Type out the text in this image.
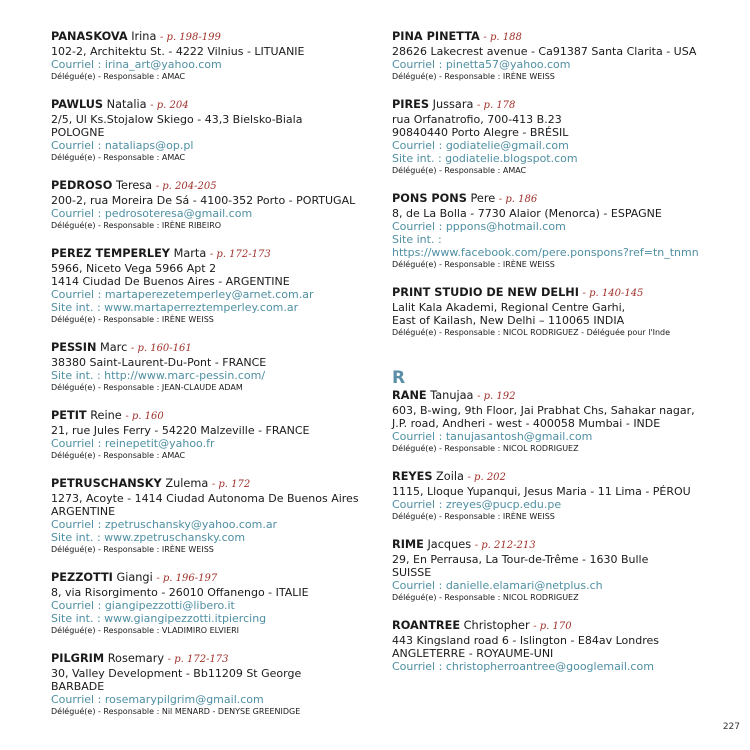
PANASKOVA Irina - p. 198-199
102-2, Architektu St. - 4222 Vilnius - LITUANIE
Courriel : irina_art@yahoo.com
Délégué(e) - Responsable : AMAC
PAWLUS Natalia - p. 204
2/5, Ul Ks.Stojalow Skiego - 43,3 Bielsko-Biala
POLOGNE
Courriel : nataliaps@op.pl
Délégué(e) - Responsable : AMAC
PEDROSO Teresa - p. 204-205
200-2, rua Moreira De Sá - 4100-352 Porto - PORTUGAL
Courriel : pedrosoteresa@gmail.com
Délégué(e) - Responsable : IRÈNE RIBEIRO
PEREZ TEMPERLEY Marta - p. 172-173
5966, Niceto Vega 5966 Apt 2
1414 Ciudad De Buenos Aires - ARGENTINE
Courriel : martaperezetemperley@arnet.com.ar
Site int. : www.martaperreztemperley.com.ar
Délégué(e) - Responsable : IRÈNE WEISS
PESSIN Marc - p. 160-161
38380 Saint-Laurent-Du-Pont - FRANCE
Site int. : http://www.marc-pessin.com/
Délégué(e) - Responsable : JEAN-CLAUDE ADAM
PETIT Reine - p. 160
21, rue Jules Ferry - 54220 Malzeville - FRANCE
Courriel : reinepetit@yahoo.fr
Délégué(e) - Responsable : AMAC
PETRUSCHANSKY Zulema - p. 172
1273, Acoyte - 1414 Ciudad Autonoma De Buenos Aires
ARGENTINE
Courriel : zpetruschansky@yahoo.com.ar
Site int. : www.zpetruschansky.com
Délégué(e) - Responsable : IRÈNE WEISS
PEZZOTTI Giangi - p. 196-197
8, via Risorgimento - 26010 Offanengo - ITALIE
Courriel : giangipezzotti@libero.it
Site int. : www.giangipezzotti.itpiercing
Délégué(e) - Responsable : VLADIMIRO ELVIERI
PILGRIM Rosemary - p. 172-173
30, Valley Development - Bb11209 St George
BARBADE
Courriel : rosemarypilgrim@gmail.com
Délégué(e) - Responsable : Nil MENARD - DENYSE GREENIDGE
PINA PINETTA - p. 188
28626 Lakecrest avenue - Ca91387 Santa Clarita - USA
Courriel : pinetta57@yahoo.com
Délégué(e) - Responsable : IRÈNE WEISS
PIRES Jussara - p. 178
rua Orfanatrofio, 700-413 B.23
90840440 Porto Alegre - BRÉSIL
Courriel : godiatelie@gmail.com
Site int. : godiatelie.blogspot.com
Délégué(e) - Responsable : AMAC
PONS PONS Pere - p. 186
8, de La Bolla - 7730 Alaior (Menorca) - ESPAGNE
Courriel : pppons@hotmail.com
Site int. :
https://www.facebook.com/pere.ponspons?ref=tn_tnmn
Délégué(e) - Responsable : IRÈNE WEISS
PRINT STUDIO DE NEW DELHI - p. 140-145
Lalit Kala Akademi, Regional Centre Garhi,
East of Kailash, New Delhi – 110065 INDIA
Délégué(e) - Responsable : NICOL RODRIGUEZ - Déléguée pour l'Inde
R
RANE Tanujaa - p. 192
603, B-wing, 9th Floor, Jai Prabhat Chs, Sahakar nagar,
J.P. road, Andheri - west - 400058 Mumbai - INDE
Courriel : tanujasantosh@gmail.com
Délégué(e) - Responsable : NICOL RODRIGUEZ
REYES Zoila - p. 202
1115, Lloque Yupanqui, Jesus Maria - 11 Lima - PÉROU
Courriel : zreyes@pucp.edu.pe
Délégué(e) - Responsable : IRÈNE WEISS
RIME Jacques - p. 212-213
29, En Perrausa, La Tour-de-Trême - 1630 Bulle
SUISSE
Courriel : danielle.elamari@netplus.ch
Délégué(e) - Responsable : NICOL RODRIGUEZ
ROANTREE Christopher - p. 170
443 Kingsland road 6 - Islington - E84av Londres
ANGLETERRE - ROYAUME-UNI
Courriel : christopherroantree@googlemail.com
227
